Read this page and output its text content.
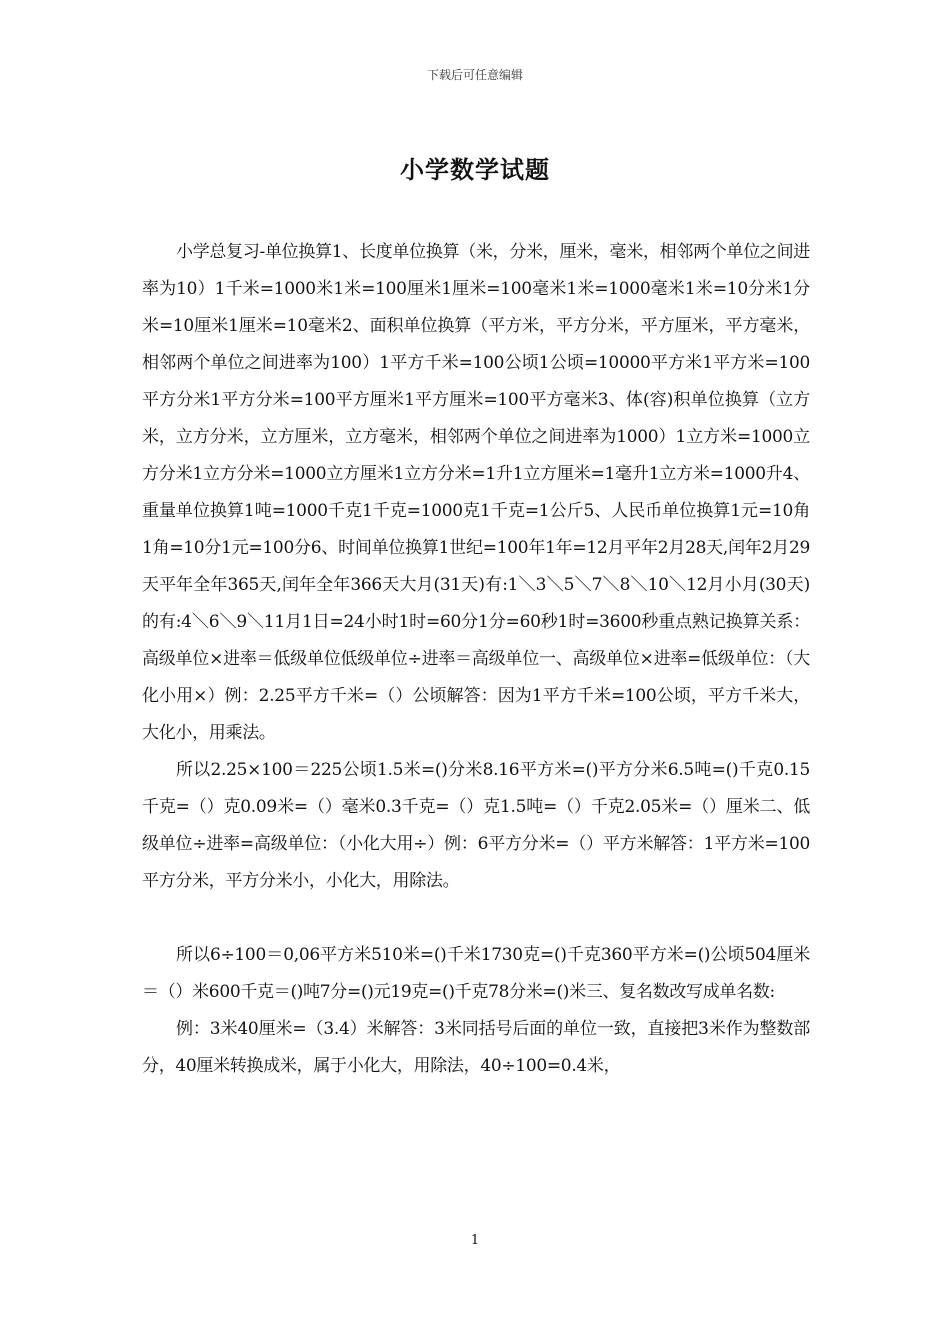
下载后可任意编辑
小学数学试题

小学总复习-单位换算1、长度单位换算（米，分米，厘米，毫米，相邻两个单位之间进率为10）1千米=1000米1米=100厘米1厘米=100毫米1米=1000毫米1米=10分米1分米=10厘米1厘米=10毫米2、面积单位换算（平方米，平方分米，平方厘米，平方毫米，相邻两个单位之间进率为100）1平方千米=100公顷1公顷=10000平方米1平方米=100平方分米1平方分米=100平方厘米1平方厘米=100平方毫米3、体(容)积单位换算（立方米，立方分米，立方厘米，立方毫米，相邻两个单位之间进率为1000）1立方米=1000立方分米1立方分米=1000立方厘米1立方分米=1升1立方厘米=1毫升1立方米=1000升4、重量单位换算1吨=1000千克1千克=1000克1千克=1公斤5、人民币单位换算1元=10角1角=10分1元=100分6、时间单位换算1世纪=100年1年=12月平年2月28天,闰年2月29天平年全年365天,闰年全年366天大月(31天)有:1＼3＼5＼7＼8＼10＼12月小月(30天)的有:4＼6＼9＼11月1日=24小时1时=60分1分=60秒1时=3600秒重点熟记换算关系：高级单位×进率＝低级单位低级单位÷进率＝高级单位一、高级单位×进率=低级单位：（大化小用×）例：2.25平方千米=（）公顷解答：因为1平方千米=100公顷，平方千米大，大化小，用乘法。

所以2.25×100＝225公顷1.5米=()分米8.16平方米=()平方分米6.5吨=()千克0.15千克=（）克0.09米=（）毫米0.3千克=（）克1.5吨=（）千克2.05米=（）厘米二、低级单位÷进率=高级单位：（小化大用÷）例：6平方分米=（）平方米解答：1平方米=100平方分米，平方分米小，小化大，用除法。

所以6÷100＝0,06平方米510米=()千米1730克=()千克360平方米=()公顷504厘米＝（）米600千克＝()吨7分=()元19克=()千克78分米=()米三、复名数改写成单名数:

例：3米40厘米=（3.4）米解答：3米同括号后面的单位一致，直接把3米作为整数部分，40厘米转换成米，属于小化大，用除法，40÷100=0.4米，

1
